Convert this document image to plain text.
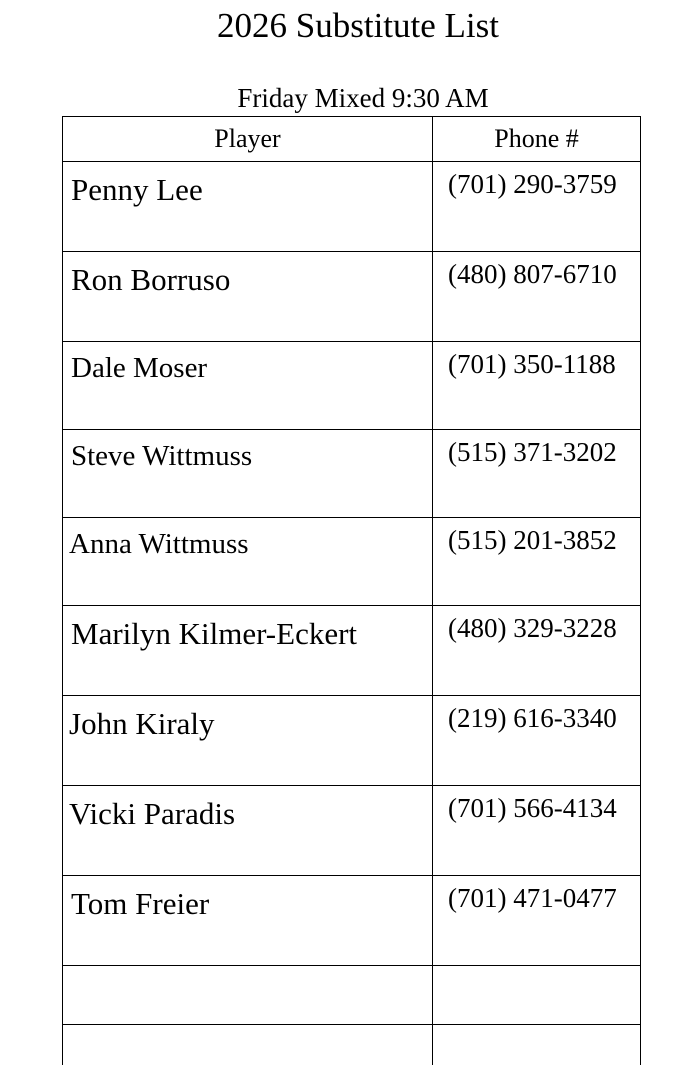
2026 Substitute List
Friday Mixed 9:30 AM
Player	Phone #
Penny Lee	(701) 290-3759
Ron Borruso	(480) 807-6710
Dale Moser	(701) 350-1188
Steve Wittmuss	(515) 371-3202
Anna Wittmuss	(515) 201-3852
Marilyn Kilmer-Eckert	(480) 329-3228
John Kiraly	(219) 616-3340
Vicki Paradis	(701) 566-4134
Tom Freier	(701) 471-0477
